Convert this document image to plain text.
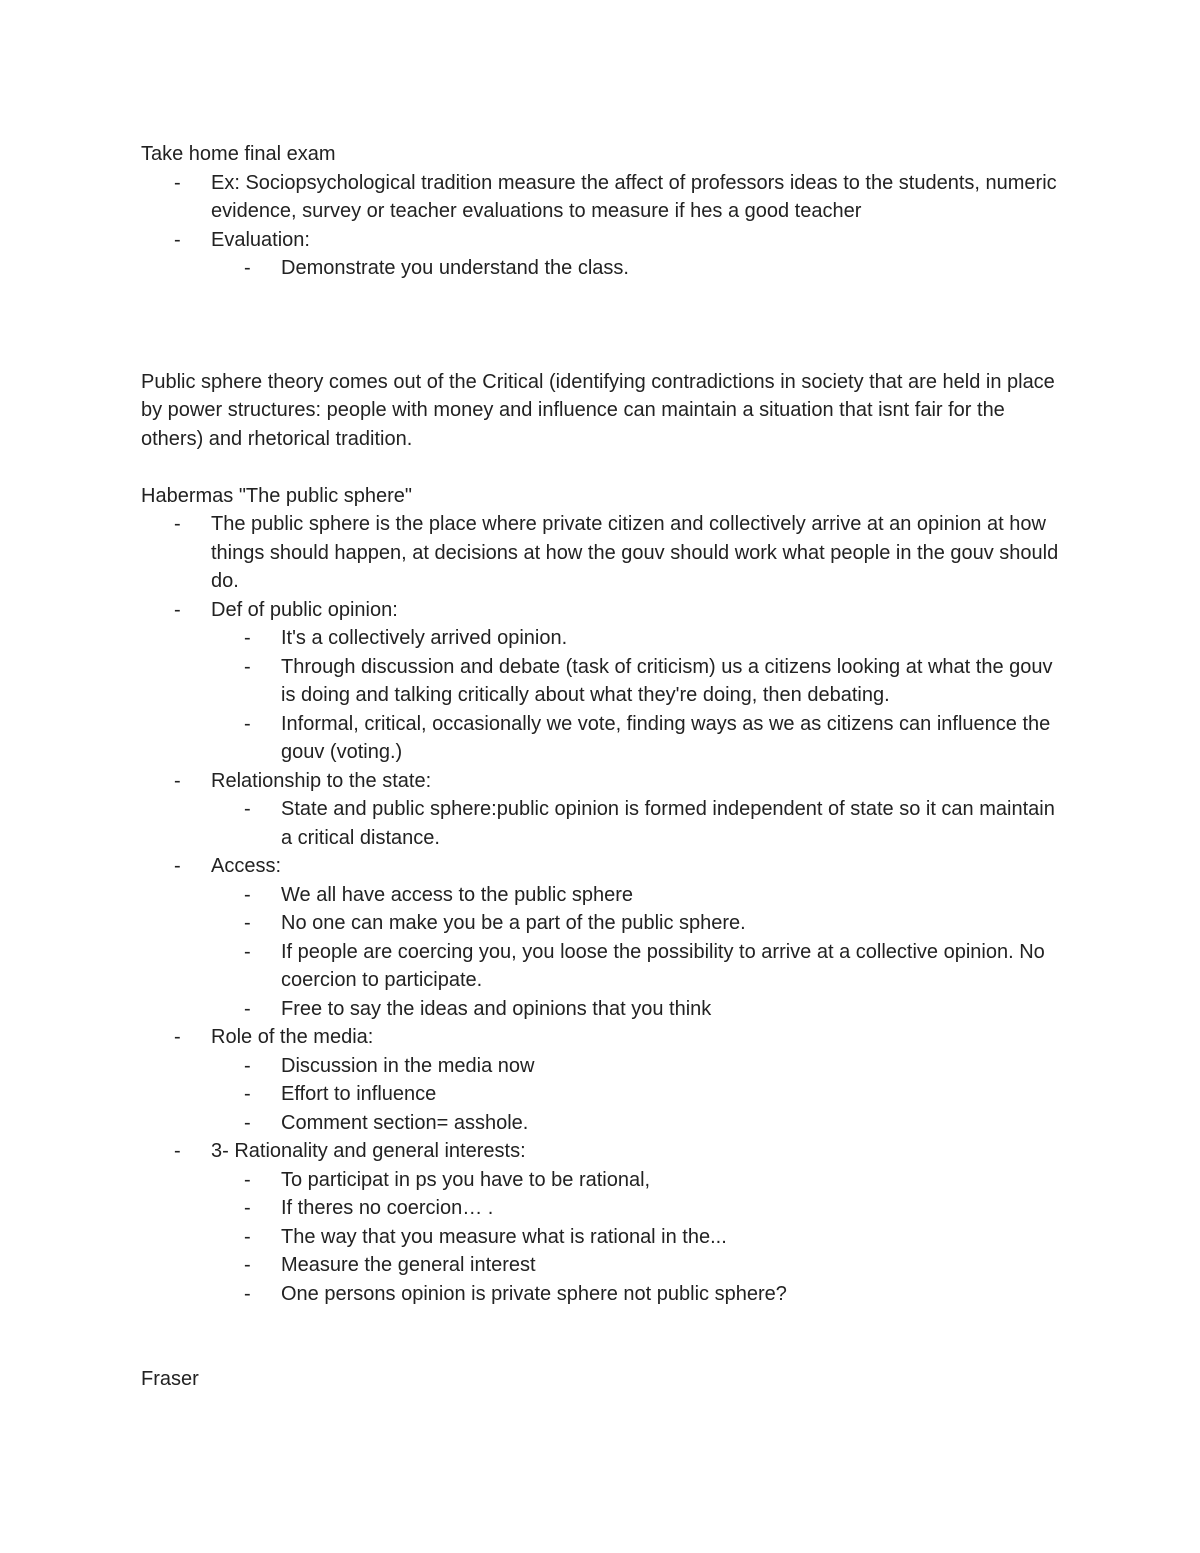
Take home final exam
-	Ex: Sociopsychological tradition measure the affect of professors ideas to the students, numeric evidence, survey or teacher evaluations to measure if hes a good teacher
-	Evaluation:
-	Demonstrate you understand the class.
Public sphere theory comes out of the Critical (identifying contradictions in society that are held in place by power structures: people with money and influence can maintain a situation that isnt fair for the others) and rhetorical tradition.
Habermas "The public sphere"
-	The public sphere is the place where private citizen and collectively arrive at an opinion at how things should happen, at decisions at how the gouv should work what people in the gouv should do.
-	Def of public opinion:
-	It's a collectively arrived opinion.
-	Through discussion and debate (task of criticism) us a citizens looking at what the gouv is doing and talking critically about what they're doing, then debating.
-	Informal, critical, occasionally we vote, finding ways as we as citizens can influence the gouv (voting.)
-	Relationship to the state:
-	State and public sphere:public opinion is formed independent of state so it can maintain a critical distance.
-	Access:
-	We all have access to the public sphere
-	No one can make you be a part of the public sphere.
-	If people are coercing you, you loose the possibility to arrive at a collective opinion. No coercion to participate.
-	Free to say the ideas and opinions that you think
-	Role of the media:
-	Discussion in the media now
-	Effort to influence
-	Comment section= asshole.
-	3- Rationality and general interests:
-	To participat in ps you have to be rational,
-	If theres no coercion… .
-	The way that you measure what is rational in the...
-	Measure the general interest
-	One persons opinion is private sphere not public sphere?
Fraser
